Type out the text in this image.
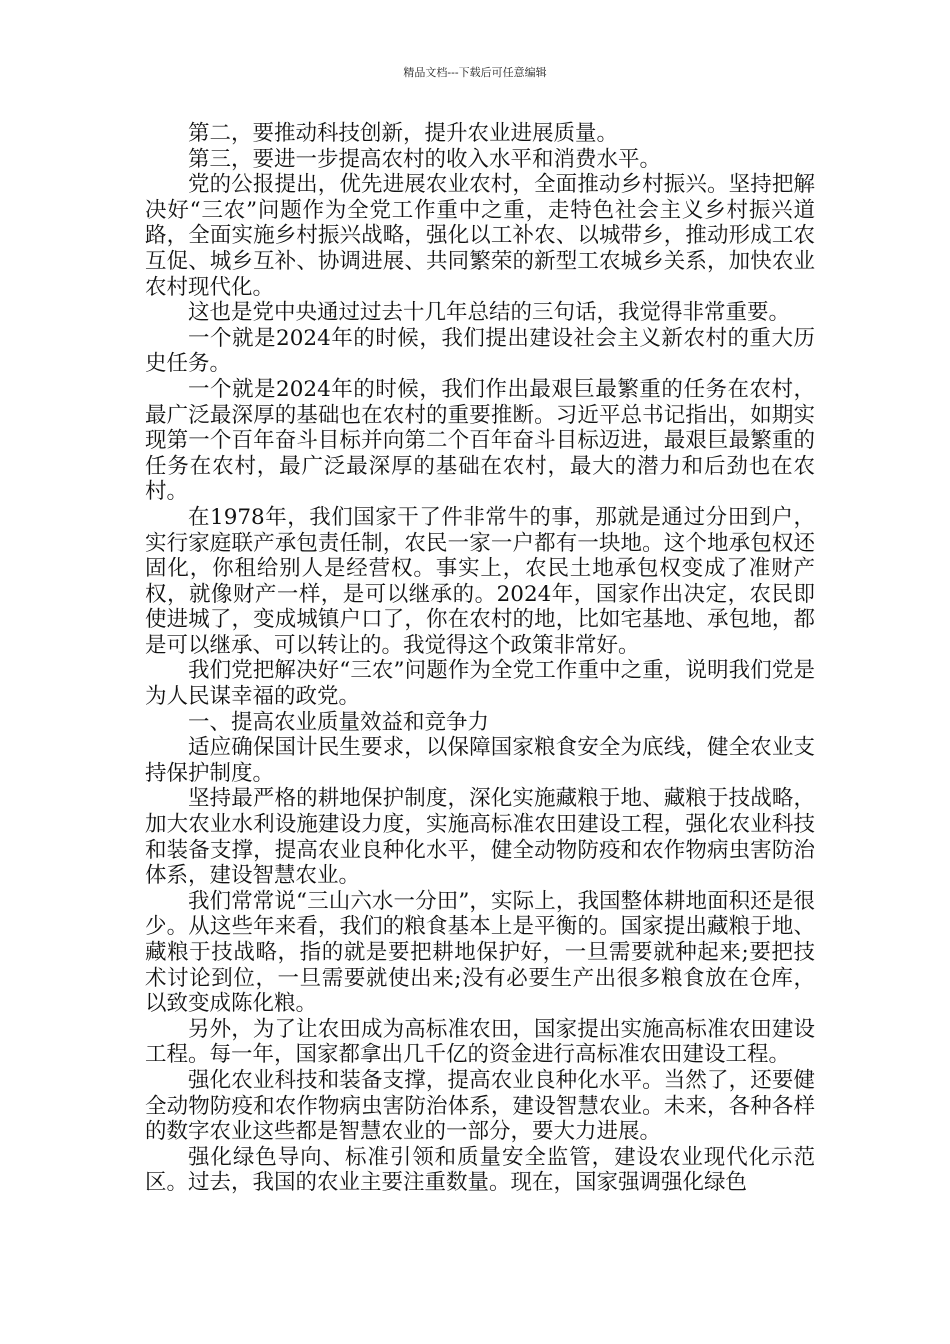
精品文档---下载后可任意编辑

第二，要推动科技创新，提升农业进展质量。

第三，要进一步提高农村的收入水平和消费水平。

党的公报提出，优先进展农业农村，全面推动乡村振兴。坚持把解决好“三农”问题作为全党工作重中之重，走特色社会主义乡村振兴道路，全面实施乡村振兴战略，强化以工补农、以城带乡，推动形成工农互促、城乡互补、协调进展、共同繁荣的新型工农城乡关系，加快农业农村现代化。

这也是党中央通过过去十几年总结的三句话，我觉得非常重要。

一个就是2024年的时候，我们提出建设社会主义新农村的重大历史任务。

一个就是2024年的时候，我们作出最艰巨最繁重的任务在农村，最广泛最深厚的基础也在农村的重要推断。习近平总书记指出，如期实现第一个百年奋斗目标并向第二个百年奋斗目标迈进，最艰巨最繁重的任务在农村，最广泛最深厚的基础在农村，最大的潜力和后劲也在农村。

在1978年，我们国家干了件非常牛的事，那就是通过分田到户，实行家庭联产承包责任制，农民一家一户都有一块地。这个地承包权还固化，你租给别人是经营权。事实上，农民土地承包权变成了准财产权，就像财产一样，是可以继承的。2024年，国家作出决定，农民即使进城了，变成城镇户口了，你在农村的地，比如宅基地、承包地，都是可以继承、可以转让的。我觉得这个政策非常好。

我们党把解决好“三农”问题作为全党工作重中之重，说明我们党是为人民谋幸福的政党。

一、提高农业质量效益和竞争力

适应确保国计民生要求，以保障国家粮食安全为底线，健全农业支持保护制度。

坚持最严格的耕地保护制度，深化实施藏粮于地、藏粮于技战略，加大农业水利设施建设力度，实施高标准农田建设工程，强化农业科技和装备支撑，提高农业良种化水平，健全动物防疫和农作物病虫害防治体系，建设智慧农业。

我们常常说“三山六水一分田”，实际上，我国整体耕地面积还是很少。从这些年来看，我们的粮食基本上是平衡的。国家提出藏粮于地、藏粮于技战略，指的就是要把耕地保护好，一旦需要就种起来;要把技术讨论到位，一旦需要就使出来;没有必要生产出很多粮食放在仓库，以致变成陈化粮。

另外，为了让农田成为高标准农田，国家提出实施高标准农田建设工程。每一年，国家都拿出几千亿的资金进行高标准农田建设工程。

强化农业科技和装备支撑，提高农业良种化水平。当然了，还要健全动物防疫和农作物病虫害防治体系，建设智慧农业。未来，各种各样的数字农业这些都是智慧农业的一部分，要大力进展。

强化绿色导向、标准引领和质量安全监管，建设农业现代化示范区。过去，我国的农业主要注重数量。现在，国家强调强化绿色
